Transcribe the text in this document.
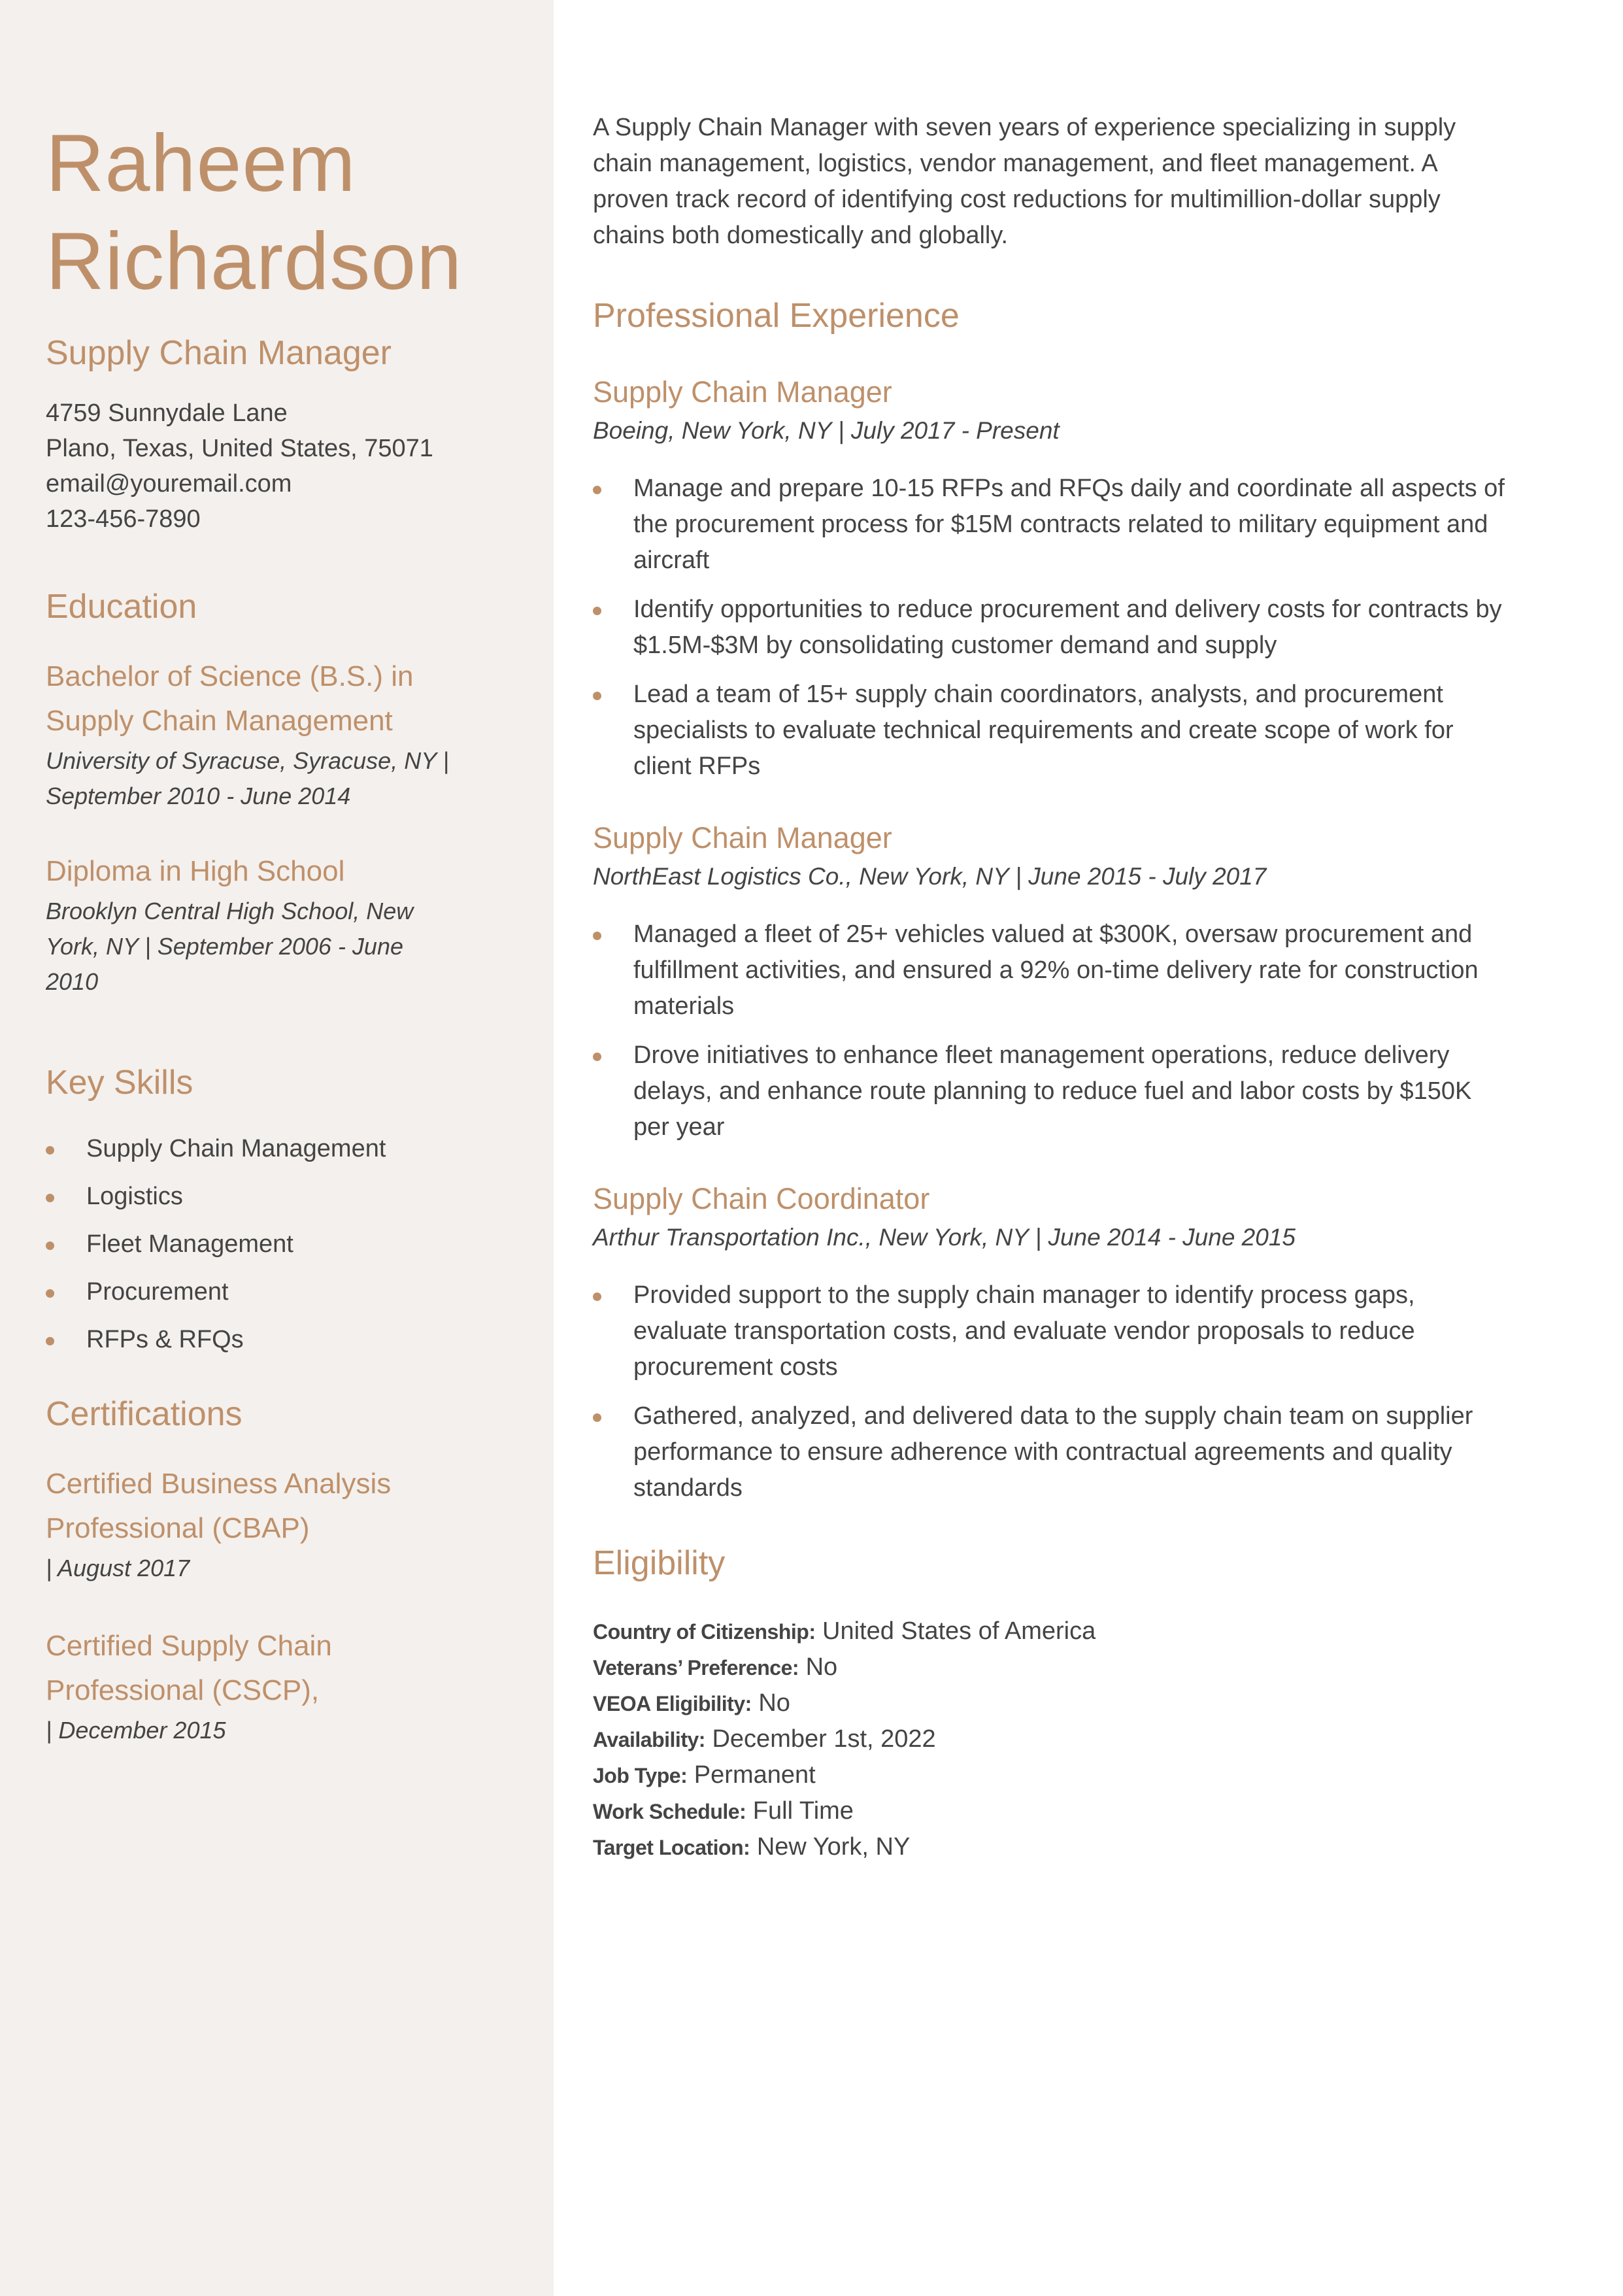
Raheem
Richardson
Supply Chain Manager
4759 Sunnydale Lane
Plano, Texas, United States, 75071
email@youremail.com
123-456-7890
Education
Bachelor of Science (B.S.) in
Supply Chain Management
University of Syracuse, Syracuse, NY |
September 2010 - June 2014
Diploma in High School
Brooklyn Central High School, New
York, NY | September 2006 - June
2010
Key Skills
Supply Chain Management
Logistics
Fleet Management
Procurement
RFPs & RFQs
Certifications
Certified Business Analysis
Professional (CBAP)
| August 2017
Certified Supply Chain
Professional (CSCP),
| December 2015
A Supply Chain Manager with seven years of experience specializing in supply
chain management, logistics, vendor management, and fleet management. A
proven track record of identifying cost reductions for multimillion-dollar supply
chains both domestically and globally.
Professional Experience
Supply Chain Manager
Boeing, New York, NY | July 2017 - Present
Manage and prepare 10-15 RFPs and RFQs daily and coordinate all aspects of
the procurement process for $15M contracts related to military equipment and
aircraft
Identify opportunities to reduce procurement and delivery costs for contracts by
$1.5M-$3M by consolidating customer demand and supply
Lead a team of 15+ supply chain coordinators, analysts, and procurement
specialists to evaluate technical requirements and create scope of work for
client RFPs
Supply Chain Manager
NorthEast Logistics Co., New York, NY | June 2015 - July 2017
Managed a fleet of 25+ vehicles valued at $300K, oversaw procurement and
fulfillment activities, and ensured a 92% on-time delivery rate for construction
materials
Drove initiatives to enhance fleet management operations, reduce delivery
delays, and enhance route planning to reduce fuel and labor costs by $150K
per year
Supply Chain Coordinator
Arthur Transportation Inc., New York, NY | June 2014 - June 2015
Provided support to the supply chain manager to identify process gaps,
evaluate transportation costs, and evaluate vendor proposals to reduce
procurement costs
Gathered, analyzed, and delivered data to the supply chain team on supplier
performance to ensure adherence with contractual agreements and quality
standards
Eligibility
Country of Citizenship: United States of America
Veterans’ Preference: No
VEOA Eligibility: No
Availability: December 1st, 2022
Job Type: Permanent
Work Schedule: Full Time
Target Location: New York, NY
